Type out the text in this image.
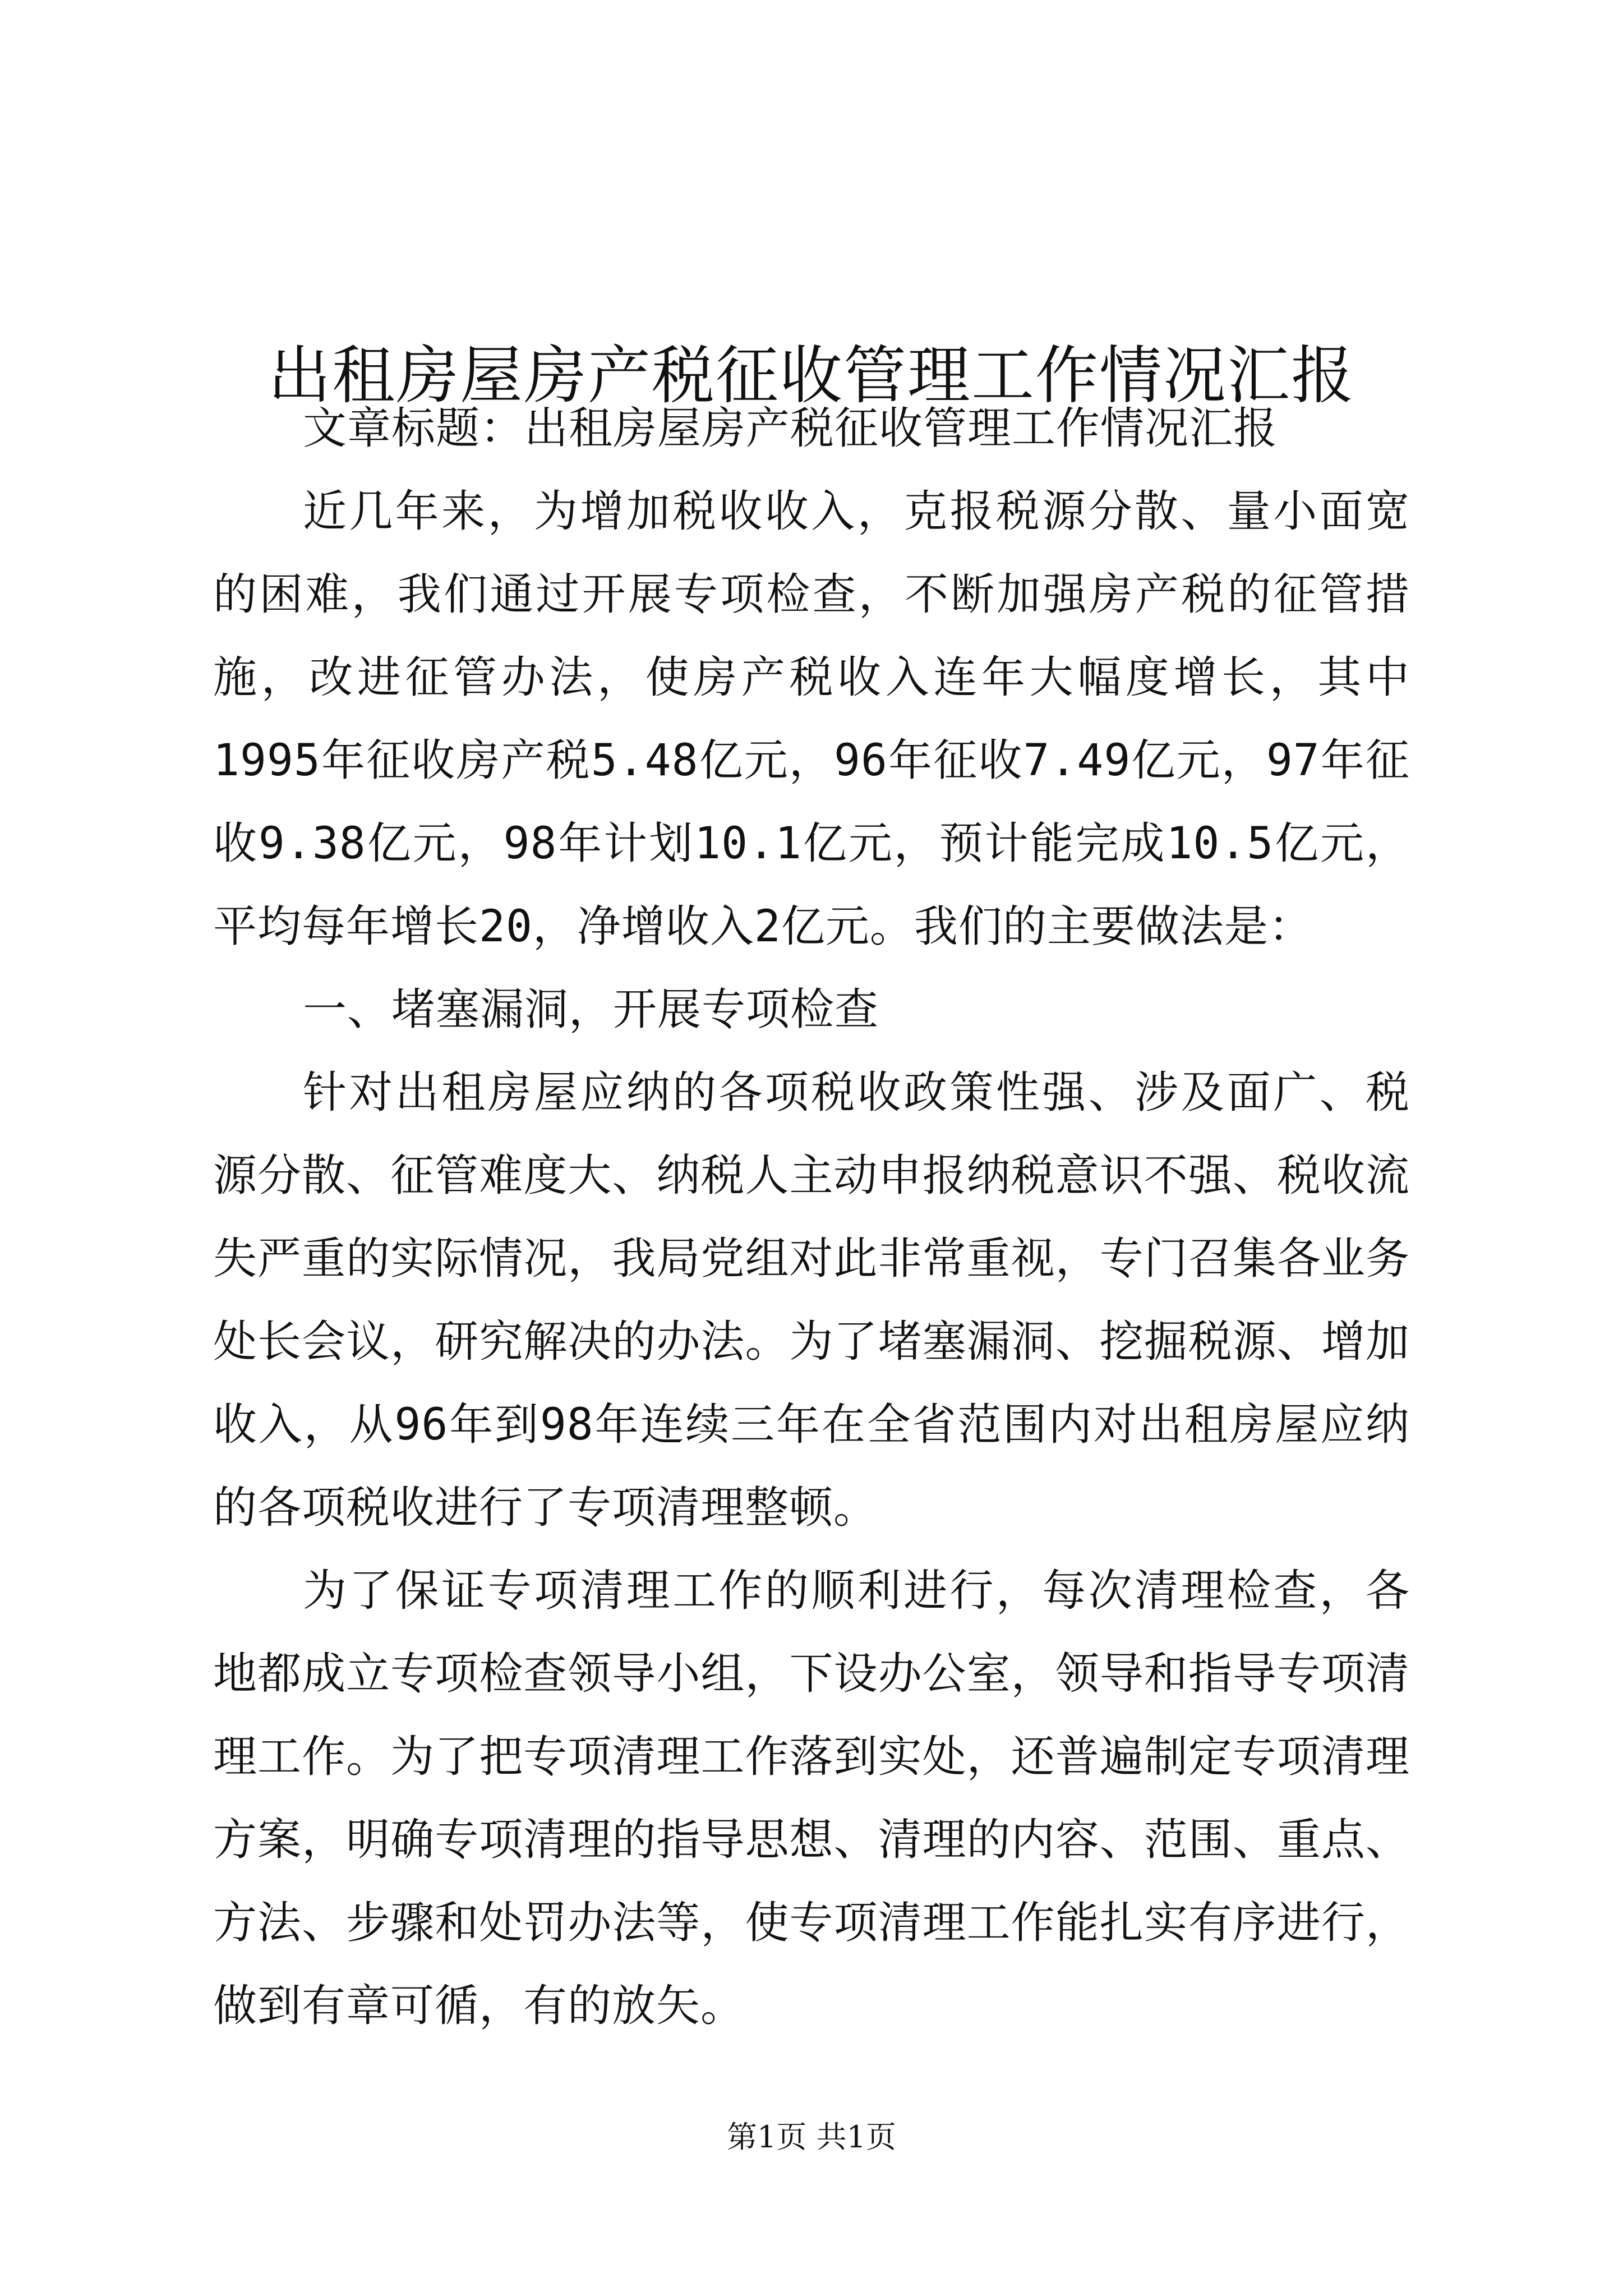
出租房屋房产税征收管理工作情况汇报

文章标题：出租房屋房产税征收管理工作情况汇报

近几年来，为增加税收收入，克报税源分散、量小面宽的困难，我们通过开展专项检查，不断加强房产税的征管措施，改进征管办法，使房产税收入连年大幅度增长，其中1995年征收房产税5.48亿元，96年征收7.49亿元，97年征收9.38亿元，98年计划10.1亿元，预计能完成10.5亿元，平均每年增长20，净增收入2亿元。我们的主要做法是：

一、堵塞漏洞，开展专项检查

针对出租房屋应纳的各项税收政策性强、涉及面广、税源分散、征管难度大、纳税人主动申报纳税意识不强、税收流失严重的实际情况，我局党组对此非常重视，专门召集各业务处长会议，研究解决的办法。为了堵塞漏洞、挖掘税源、增加收入，从96年到98年连续三年在全省范围内对出租房屋应纳的各项税收进行了专项清理整顿。

为了保证专项清理工作的顺利进行，每次清理检查，各地都成立专项检查领导小组，下设办公室，领导和指导专项清理工作。为了把专项清理工作落到实处，还普遍制定专项清理方案，明确专项清理的指导思想、清理的内容、范围、重点、方法、步骤和处罚办法等，使专项清理工作能扎实有序进行，做到有章可循，有的放矢。

第1页 共1页
